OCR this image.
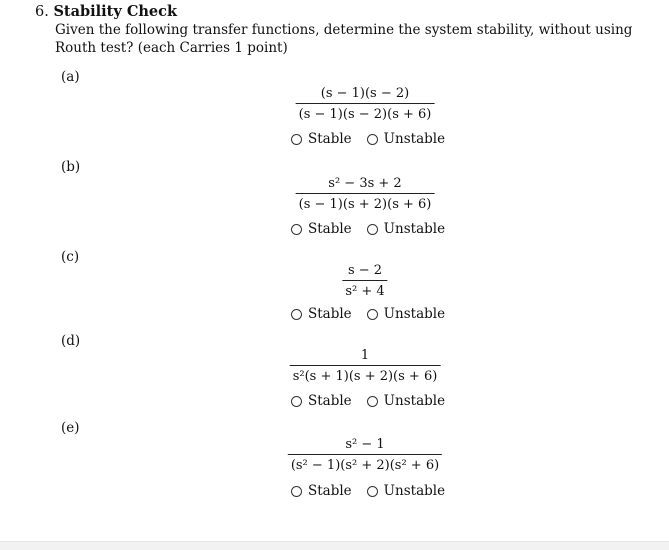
6. Stability Check
Given the following transfer functions, determine the system stability, without using Routh test? (each Carries 1 point)
(a)
(s − 1)(s − 2)
(s − 1)(s − 2)(s + 6)
Stable Unstable
(b)
s² − 3s + 2
(s − 1)(s + 2)(s + 6)
Stable Unstable
(c)
s − 2
s² + 4
Stable Unstable
(d)
1
s²(s + 1)(s + 2)(s + 6)
Stable Unstable
(e)
s² − 1
(s² − 1)(s² + 2)(s² + 6)
Stable Unstable
